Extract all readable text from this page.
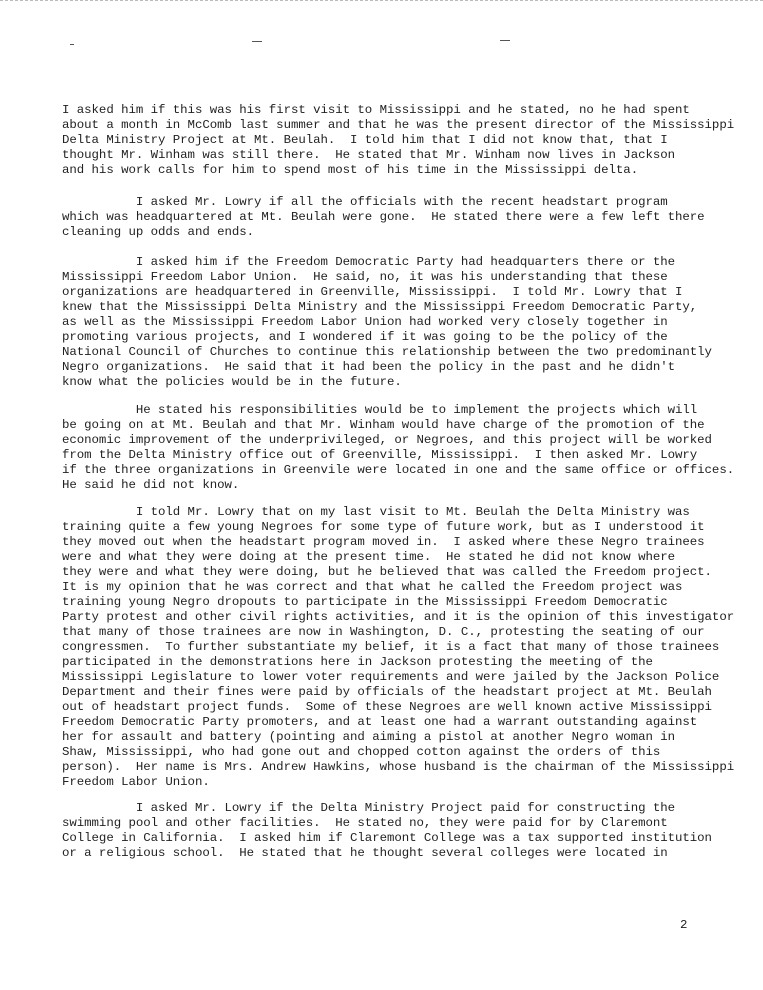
I asked him if this was his first visit to Mississippi and he stated, no he had spent
about a month in McComb last summer and that he was the present director of the Mississippi
Delta Ministry Project at Mt. Beulah.  I told him that I did not know that, that I
thought Mr. Winham was still there.  He stated that Mr. Winham now lives in Jackson
and his work calls for him to spend most of his time in the Mississippi delta.
I asked Mr. Lowry if all the officials with the recent headstart program
which was headquartered at Mt. Beulah were gone.  He stated there were a few left there
cleaning up odds and ends.
I asked him if the Freedom Democratic Party had headquarters there or the
Mississippi Freedom Labor Union.  He said, no, it was his understanding that these
organizations are headquartered in Greenville, Mississippi.  I told Mr. Lowry that I
knew that the Mississippi Delta Ministry and the Mississippi Freedom Democratic Party,
as well as the Mississippi Freedom Labor Union had worked very closely together in
promoting various projects, and I wondered if it was going to be the policy of the
National Council of Churches to continue this relationship between the two predominantly
Negro organizations.  He said that it had been the policy in the past and he didn't
know what the policies would be in the future.
He stated his responsibilities would be to implement the projects which will
be going on at Mt. Beulah and that Mr. Winham would have charge of the promotion of the
economic improvement of the underprivileged, or Negroes, and this project will be worked
from the Delta Ministry office out of Greenville, Mississippi.  I then asked Mr. Lowry
if the three organizations in Greenvile were located in one and the same office or offices.
He said he did not know.
I told Mr. Lowry that on my last visit to Mt. Beulah the Delta Ministry was
training quite a few young Negroes for some type of future work, but as I understood it
they moved out when the headstart program moved in.  I asked where these Negro trainees
were and what they were doing at the present time.  He stated he did not know where
they were and what they were doing, but he believed that was called the Freedom project.
It is my opinion that he was correct and that what he called the Freedom project was
training young Negro dropouts to participate in the Mississippi Freedom Democratic
Party protest and other civil rights activities, and it is the opinion of this investigator
that many of those trainees are now in Washington, D. C., protesting the seating of our
congressmen.  To further substantiate my belief, it is a fact that many of those trainees
participated in the demonstrations here in Jackson protesting the meeting of the
Mississippi Legislature to lower voter requirements and were jailed by the Jackson Police
Department and their fines were paid by officials of the headstart project at Mt. Beulah
out of headstart project funds.  Some of these Negroes are well known active Mississippi
Freedom Democratic Party promoters, and at least one had a warrant outstanding against
her for assault and battery (pointing and aiming a pistol at another Negro woman in
Shaw, Mississippi, who had gone out and chopped cotton against the orders of this
person).  Her name is Mrs. Andrew Hawkins, whose husband is the chairman of the Mississippi
Freedom Labor Union.
I asked Mr. Lowry if the Delta Ministry Project paid for constructing the
swimming pool and other facilities.  He stated no, they were paid for by Claremont
College in California.  I asked him if Claremont College was a tax supported institution
or a religious school.  He stated that he thought several colleges were located in
2
